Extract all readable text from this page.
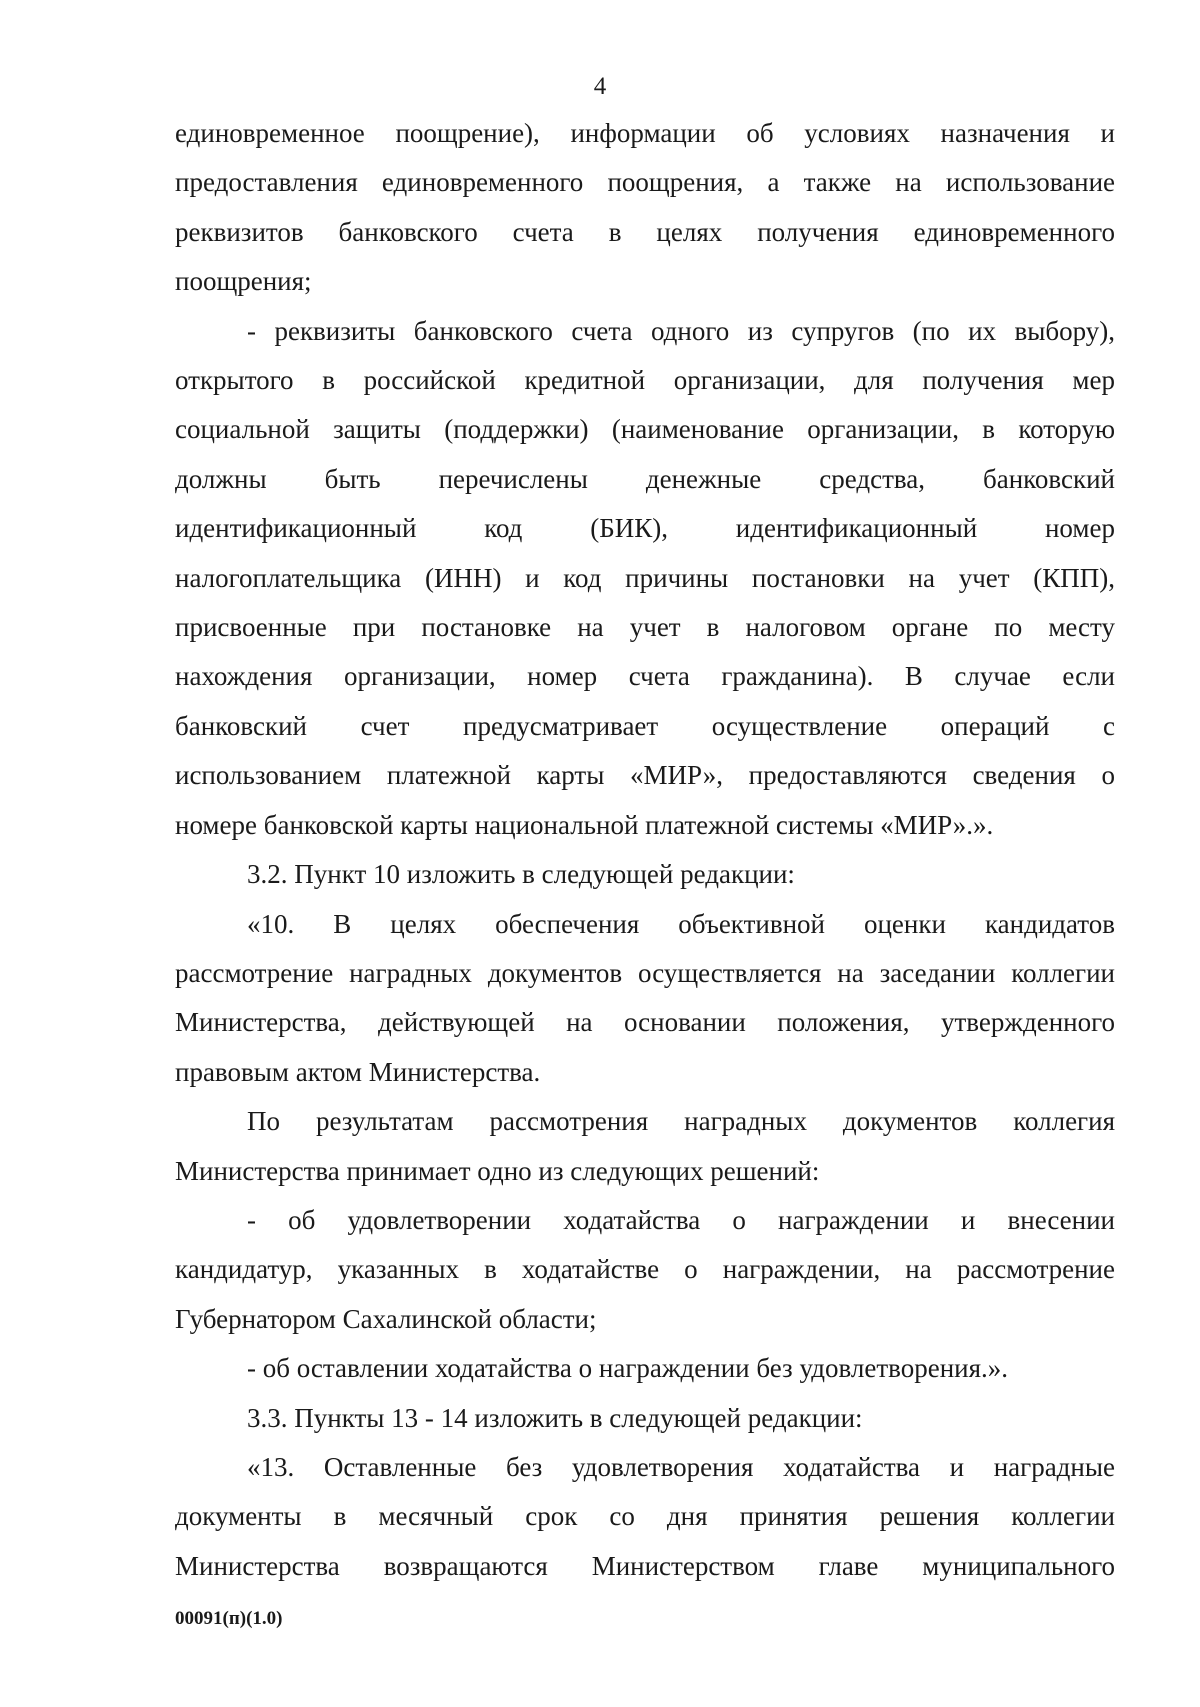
4
единовременное поощрение), информации об условиях назначения и
предоставления единовременного поощрения, а также на использование
реквизитов банковского счета в целях получения единовременного
поощрения;
- реквизиты банковского счета одного из супругов (по их выбору),
открытого в российской кредитной организации, для получения мер
социальной защиты (поддержки) (наименование организации, в которую
должны быть перечислены денежные средства, банковский
идентификационный код (БИК), идентификационный номер
налогоплательщика (ИНН) и код причины постановки на учет (КПП),
присвоенные при постановке на учет в налоговом органе по месту
нахождения организации, номер счета гражданина). В случае если
банковский счет предусматривает осуществление операций с
использованием платежной карты «МИР», предоставляются сведения о
номере банковской карты национальной платежной системы «МИР».».
3.2. Пункт 10 изложить в следующей редакции:
«10. В целях обеспечения объективной оценки кандидатов
рассмотрение наградных документов осуществляется на заседании коллегии
Министерства, действующей на основании положения, утвержденного
правовым актом Министерства.
По результатам рассмотрения наградных документов коллегия
Министерства принимает одно из следующих решений:
- об удовлетворении ходатайства о награждении и внесении
кандидатур, указанных в ходатайстве о награждении, на рассмотрение
Губернатором Сахалинской области;
- об оставлении ходатайства о награждении без удовлетворения.».
3.3. Пункты 13 - 14 изложить в следующей редакции:
«13. Оставленные без удовлетворения ходатайства и наградные
документы в месячный срок со дня принятия решения коллегии
Министерства возвращаются Министерством главе муниципального
00091(п)(1.0)
